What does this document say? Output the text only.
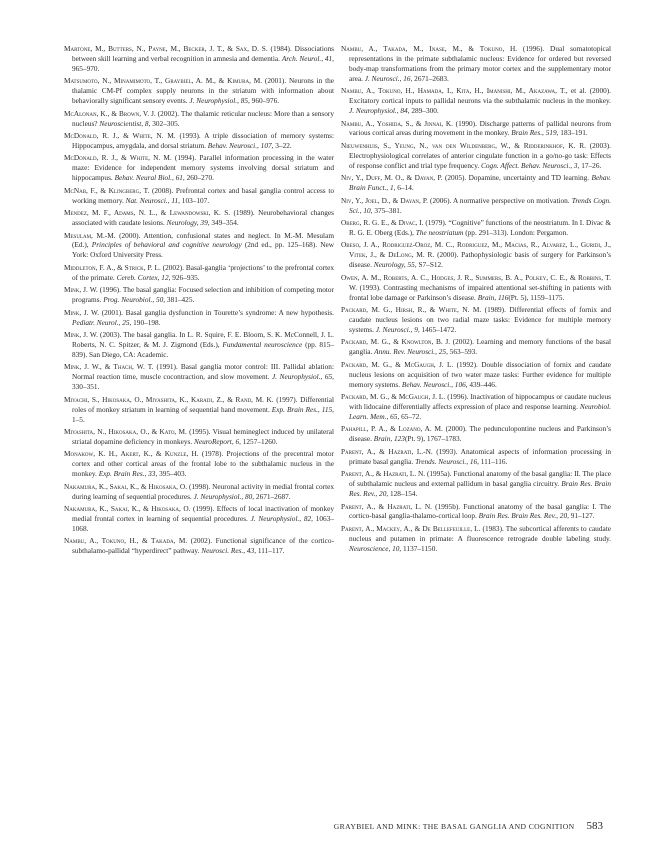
Martone, M., Butters, N., Payne, M., Becker, J. T., & Sax, D. S. (1984). Dissociations between skill learning and verbal recognition in amnesia and dementia. Arch. Neurol., 41, 965–970.

Matsumoto, N., Minamimoto, T., Graybiel, A. M., & Kimura, M. (2001). Neurons in the thalamic CM-Pf complex supply neurons in the striatum with information about behaviorally significant sensory events. J. Neurophysiol., 85, 960–976.

McAlonan, K., & Brown, V. J. (2002). The thalamic reticular nucleus: More than a sensory nucleus? Neuroscientist, 8, 302–305.

McDonald, R. J., & White, N. M. (1993). A triple dissociation of memory systems: Hippocampus, amygdala, and dorsal striatum. Behav. Neurosci., 107, 3–22.

McDonald, R. J., & White, N. M. (1994). Parallel information processing in the water maze: Evidence for independent memory systems involving dorsal striatum and hippocampus. Behav. Neural Biol., 61, 260–270.

McNab, F., & Klingberg, T. (2008). Prefrontal cortex and basal ganglia control access to working memory. Nat. Neurosci., 11, 103–107.

Mendez, M. F., Adams, N. L., & Lewandowski, K. S. (1989). Neurobehavioral changes associated with caudate lesions. Neurology, 39, 349–354.

Mesulam, M.-M. (2000). Attention, confusional states and neglect. In M.-M. Mesulam (Ed.), Principles of behavioral and cognitive neurology (2nd ed., pp. 125–168). New York: Oxford University Press.

Middleton, F. A., & Strick, P. L. (2002). Basal-ganglia ‘projections’ to the prefrontal cortex of the primate. Cereb. Cortex, 12, 926–935.

Mink, J. W. (1996). The basal ganglia: Focused selection and inhibition of competing motor programs. Prog. Neurobiol., 50, 381–425.

Mink, J. W. (2001). Basal ganglia dysfunction in Tourette’s syndrome: A new hypothesis. Pediatr. Neurol., 25, 190–198.

Mink, J. W. (2003). The basal ganglia. In L. R. Squire, F. E. Bloom, S. K. McConnell, J. L. Roberts, N. C. Spitzer, & M. J. Zigmond (Eds.), Fundamental neuroscience (pp. 815–839). San Diego, CA: Academic.

Mink, J. W., & Thach, W. T. (1991). Basal ganglia motor control: III. Pallidal ablation: Normal reaction time, muscle cocontraction, and slow movement. J. Neurophysiol., 65, 330–351.

Miyachi, S., Hikosaka, O., Miyashita, K., Karadi, Z., & Rand, M. K. (1997). Differential roles of monkey striatum in learning of sequential hand movement. Exp. Brain Res., 115, 1–5.

Miyashita, N., Hikosaka, O., & Kato, M. (1995). Visual hemineglect induced by unilateral striatal dopamine deficiency in monkeys. NeuroReport, 6, 1257–1260.

Monakow, K. H., Akert, K., & Kunzle, H. (1978). Projections of the precentral motor cortex and other cortical areas of the frontal lobe to the subthalamic nucleus in the monkey. Exp. Brain Res., 33, 395–403.

Nakamura, K., Sakai, K., & Hikosaka, O. (1998). Neuronal activity in medial frontal cortex during learning of sequential procedures. J. Neurophysiol., 80, 2671–2687.

Nakamura, K., Sakai, K., & Hikosaka, O. (1999). Effects of local inactivation of monkey medial frontal cortex in learning of sequential procedures. J. Neurophysiol., 82, 1063–1068.

Nambu, A., Tokuno, H., & Takada, M. (2002). Functional significance of the cortico-subthalamo-pallidal “hyperdirect” pathway. Neurosci. Res., 43, 111–117.

Nambu, A., Takada, M., Inase, M., & Tokuno, H. (1996). Dual somatotopical representations in the primate subthalamic nucleus: Evidence for ordered but reversed body-map transformations from the primary motor cortex and the supplementary motor area. J. Neurosci., 16, 2671–2683.

Nambu, A., Tokuno, H., Hamada, I., Kita, H., Imanishi, M., Akazawa, T., et al. (2000). Excitatory cortical inputs to pallidal neurons via the subthalamic nucleus in the monkey. J. Neurophysiol., 84, 289–300.

Nambu, A., Yoshida, S., & Jinnai, K. (1990). Discharge patterns of pallidal neurons from various cortical areas during movement in the monkey. Brain Res., 519, 183–191.

Nieuwenhuis, S., Yeung, N., van den Wildenberg, W., & Ridderinkhof, K. R. (2003). Electrophysiological correlates of anterior cingulate function in a go/no-go task: Effects of response conflict and trial type frequency. Cogn. Affect. Behav. Neurosci., 3, 17–26.

Niv, Y., Duff, M. O., & Dayan, P. (2005). Dopamine, uncertainty and TD learning. Behav. Brain Funct., 1, 6–14.

Niv, Y., Joel, D., & Dayan, P. (2006). A normative perspective on motivation. Trends Cogn. Sci., 10, 375–381.

Oberg, R. G. E., & Divac, I. (1979). “Cognitive” functions of the neostriatum. In I. Divac & R. G. E. Oberg (Eds.), The neostriatum (pp. 291–313). London: Pergamon.

Obeso, J. A., Rodriguez-Oroz, M. C., Rodriguez, M., Macias, R., Alvarez, L., Guridi, J., Vitek, J., & DeLong, M. R. (2000). Pathophysiologic basis of surgery for Parkinson’s disease. Neurology, 55, S7–S12.

Owen, A. M., Roberts, A. C., Hodges, J. R., Summers, B. A., Polkey, C. E., & Robbins, T. W. (1993). Contrasting mechanisms of impaired attentional set-shifting in patients with frontal lobe damage or Parkinson’s disease. Brain, 116(Pt. 5), 1159–1175.

Packard, M. G., Hirsh, R., & White, N. M. (1989). Differential effects of fornix and caudate nucleus lesions on two radial maze tasks: Evidence for multiple memory systems. J. Neurosci., 9, 1465–1472.

Packard, M. G., & Knowlton, B. J. (2002). Learning and memory functions of the basal ganglia. Annu. Rev. Neurosci., 25, 563–593.

Packard, M. G., & McGaugh, J. L. (1992). Double dissociation of fornix and caudate nucleus lesions on acquisition of two water maze tasks: Further evidence for multiple memory systems. Behav. Neurosci., 106, 439–446.

Packard, M. G., & McGaugh, J. L. (1996). Inactivation of hippocampus or caudate nucleus with lidocaine differentially affects expression of place and response learning. Neurobiol. Learn. Mem., 65, 65–72.

Pahapill, P. A., & Lozano, A. M. (2000). The pedunculopontine nucleus and Parkinson’s disease. Brain, 123(Pt. 9), 1767–1783.

Parent, A., & Hazrati, L.-N. (1993). Anatomical aspects of information processing in primate basal ganglia. Trends. Neurosci., 16, 111–116.

Parent, A., & Hazrati, L. N. (1995a). Functional anatomy of the basal ganglia: II. The place of subthalamic nucleus and external pallidum in basal ganglia circuitry. Brain Res. Brain Res. Rev., 20, 128–154.

Parent, A., & Hazrati, L. N. (1995b). Functional anatomy of the basal ganglia: I. The cortico-basal ganglia-thalamo-cortical loop. Brain Res. Brain Res. Rev., 20, 91–127.

Parent, A., Mackey, A., & De Bellefeuille, L. (1983). The subcortical afferents to caudate nucleus and putamen in primate: A fluorescence retrograde double labeling study. Neuroscience, 10, 1137–1150.

GRAYBIEL AND MINK: THE BASAL GANGLIA AND COGNITION 583
